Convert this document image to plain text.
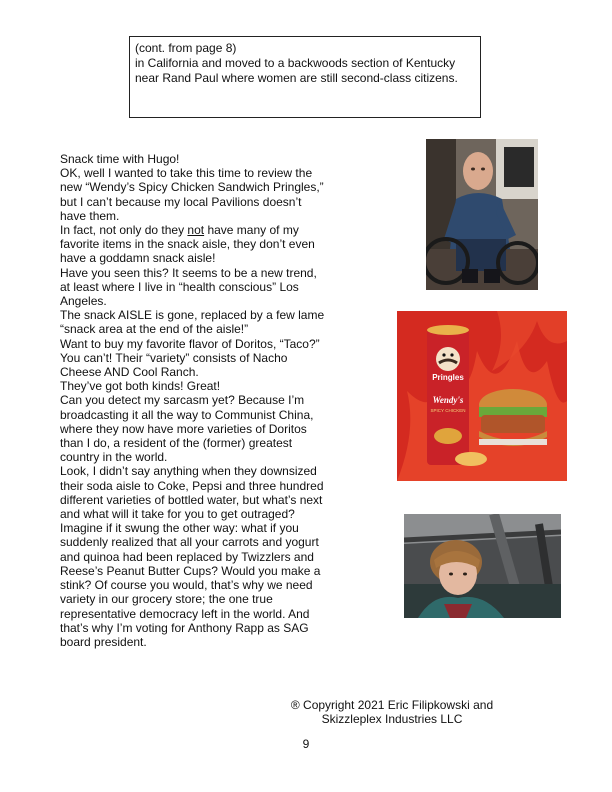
(cont. from page 8)

in California and moved to a backwoods section of Kentucky near Rand Paul where women are still second-class citizens.

Snack time with Hugo!

OK, well I wanted to take this time to review the new “Wendy’s Spicy Chicken Sandwich Pringles,” but I can’t because my local Pavilions doesn’t have them.

In fact, not only do they not have many of my favorite items in the snack aisle, they don’t even have a goddamn snack aisle!

Have you seen this? It seems to be a new trend, at least where I live in “health conscious” Los Angeles.

The snack AISLE is gone, replaced by a few lame “snack area at the end of the aisle!”

Want to buy my favorite flavor of Doritos, “Taco?” You can’t! Their “variety” consists of Nacho Cheese AND Cool Ranch.

They’ve got both kinds! Great!

Can you detect my sarcasm yet? Because I’m broadcasting it all the way to Communist China, where they now have more varieties of Doritos than I do, a resident of the (former) greatest country in the world.

Look, I didn’t say anything when they downsized their soda aisle to Coke, Pepsi and three hundred different varieties of bottled water, but what’s next and what will it take for you to get outraged?

Imagine if it swung the other way: what if you suddenly realized that all your carrots and yogurt and quinoa had been replaced by Twizzlers and Reese’s Peanut Butter Cups? Would you make a stink? Of course you would, that’s why we need variety in our grocery store; the one true representative democracy left in the world. And that’s why I’m voting for Anthony Rapp as SAG board president.

Pringles
Wendy's
SPICY CHICKEN

® Copyright 2021 Eric Filipkowski and

Skizzleplex Industries LLC

9
